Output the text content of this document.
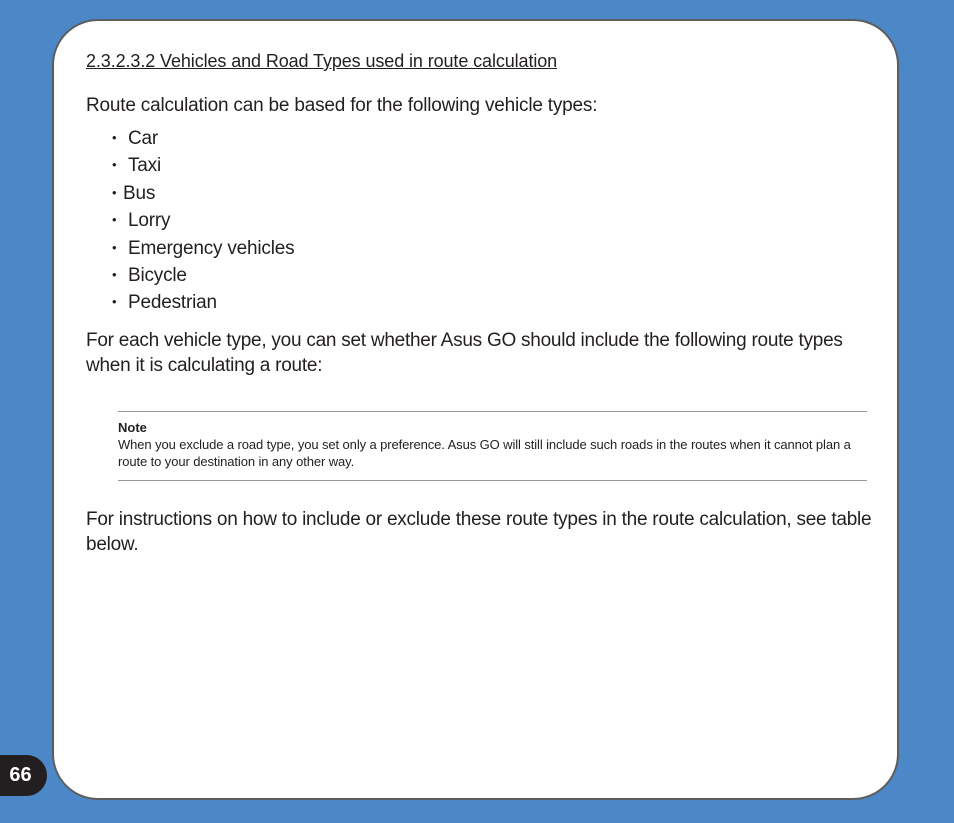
66
2.3.2.3.2 Vehicles and Road Types used in route calculation

Route calculation can be based for the following vehicle types:

• Car
• Taxi
• Bus
• Lorry
• Emergency vehicles
• Bicycle
• Pedestrian

For each vehicle type, you can set whether Asus GO should include the following route types when it is calculating a route:

Note

When you exclude a road type, you set only a preference. Asus GO will still include such roads in the routes when it cannot plan a route to your destination in any other way.

For instructions on how to include or exclude these route types in the route calculation, see table below.
